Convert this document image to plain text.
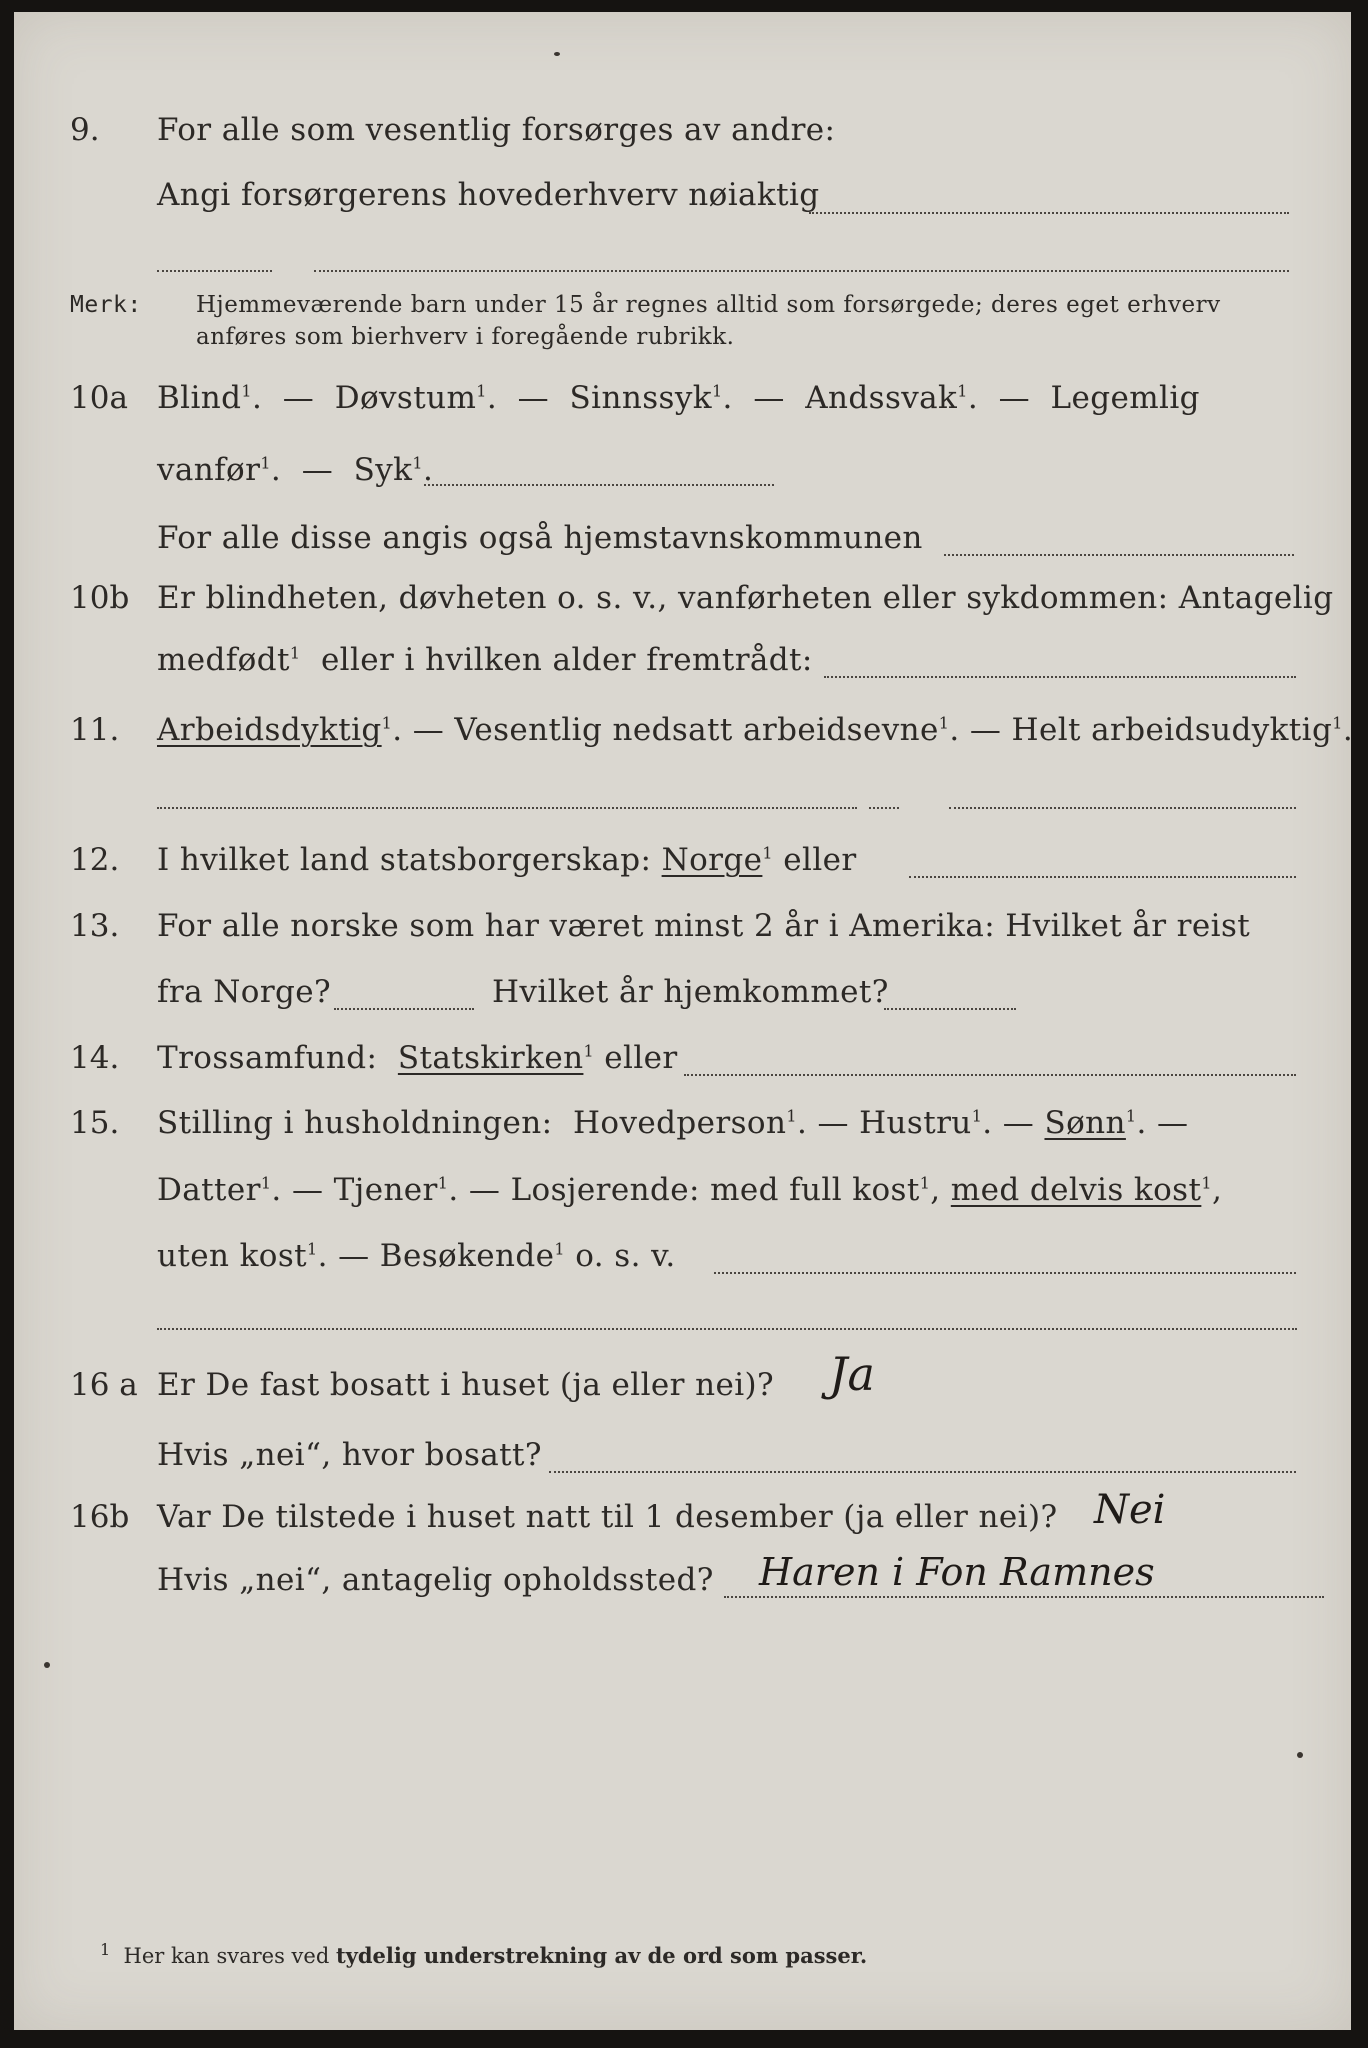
9. For alle som vesentlig forsørges av andre:
Angi forsørgerens hovederhverv nøiaktig
Merk: Hjemmeværende barn under 15 år regnes alltid som forsørgede; deres eget erhverv
anføres som bierhverv i foregående rubrikk.
10a Blind$^1$.  — Døvstum$^1$.  — Sinnssyk$^1$.  — Andssvak$^1$.  — Legemlig
vanfør$^1$.  — Syk$^1$.
For alle disse angis også hjemstavnskommunen
10b Er blindheten, døvheten o. s. v., vanførheten eller sykdommen: Antagelig
medfødt$^1$ eller i hvilken alder fremtrådt:
11. Arbeidsdyktig$^1$. — Vesentlig nedsatt arbeidsevne$^1$. — Helt arbeidsudyktig$^1$.
12. I hvilket land statsborgerskap: Norge$^1$ eller
13. For alle norske som har været minst 2 år i Amerika: Hvilket år reist
fra Norge?	Hvilket år hjemkommet?
14. Trossamfund: Statskirken$^1$ eller
15. Stilling i husholdningen: Hovedperson$^1$. — Hustru$^1$. — Sønn$^1$. —
Datter$^1$. — Tjener$^1$. — Losjerende: med full kost$^1$, med delvis kost$^1$,
uten kost$^1$. — Besøkende$^1$ o. s. v.
16 a Er De fast bosatt i huset (ja eller nei)? Ja
Hvis „nei“, hvor bosatt?
16b Var De tilstede i huset natt til 1 desember (ja eller nei)? Nei
Hvis „nei“, antagelig opholdssted? Haren i Fon Ramnes
$^1$ Her kan svares ved tydelig understrekning av de ord som passer.
